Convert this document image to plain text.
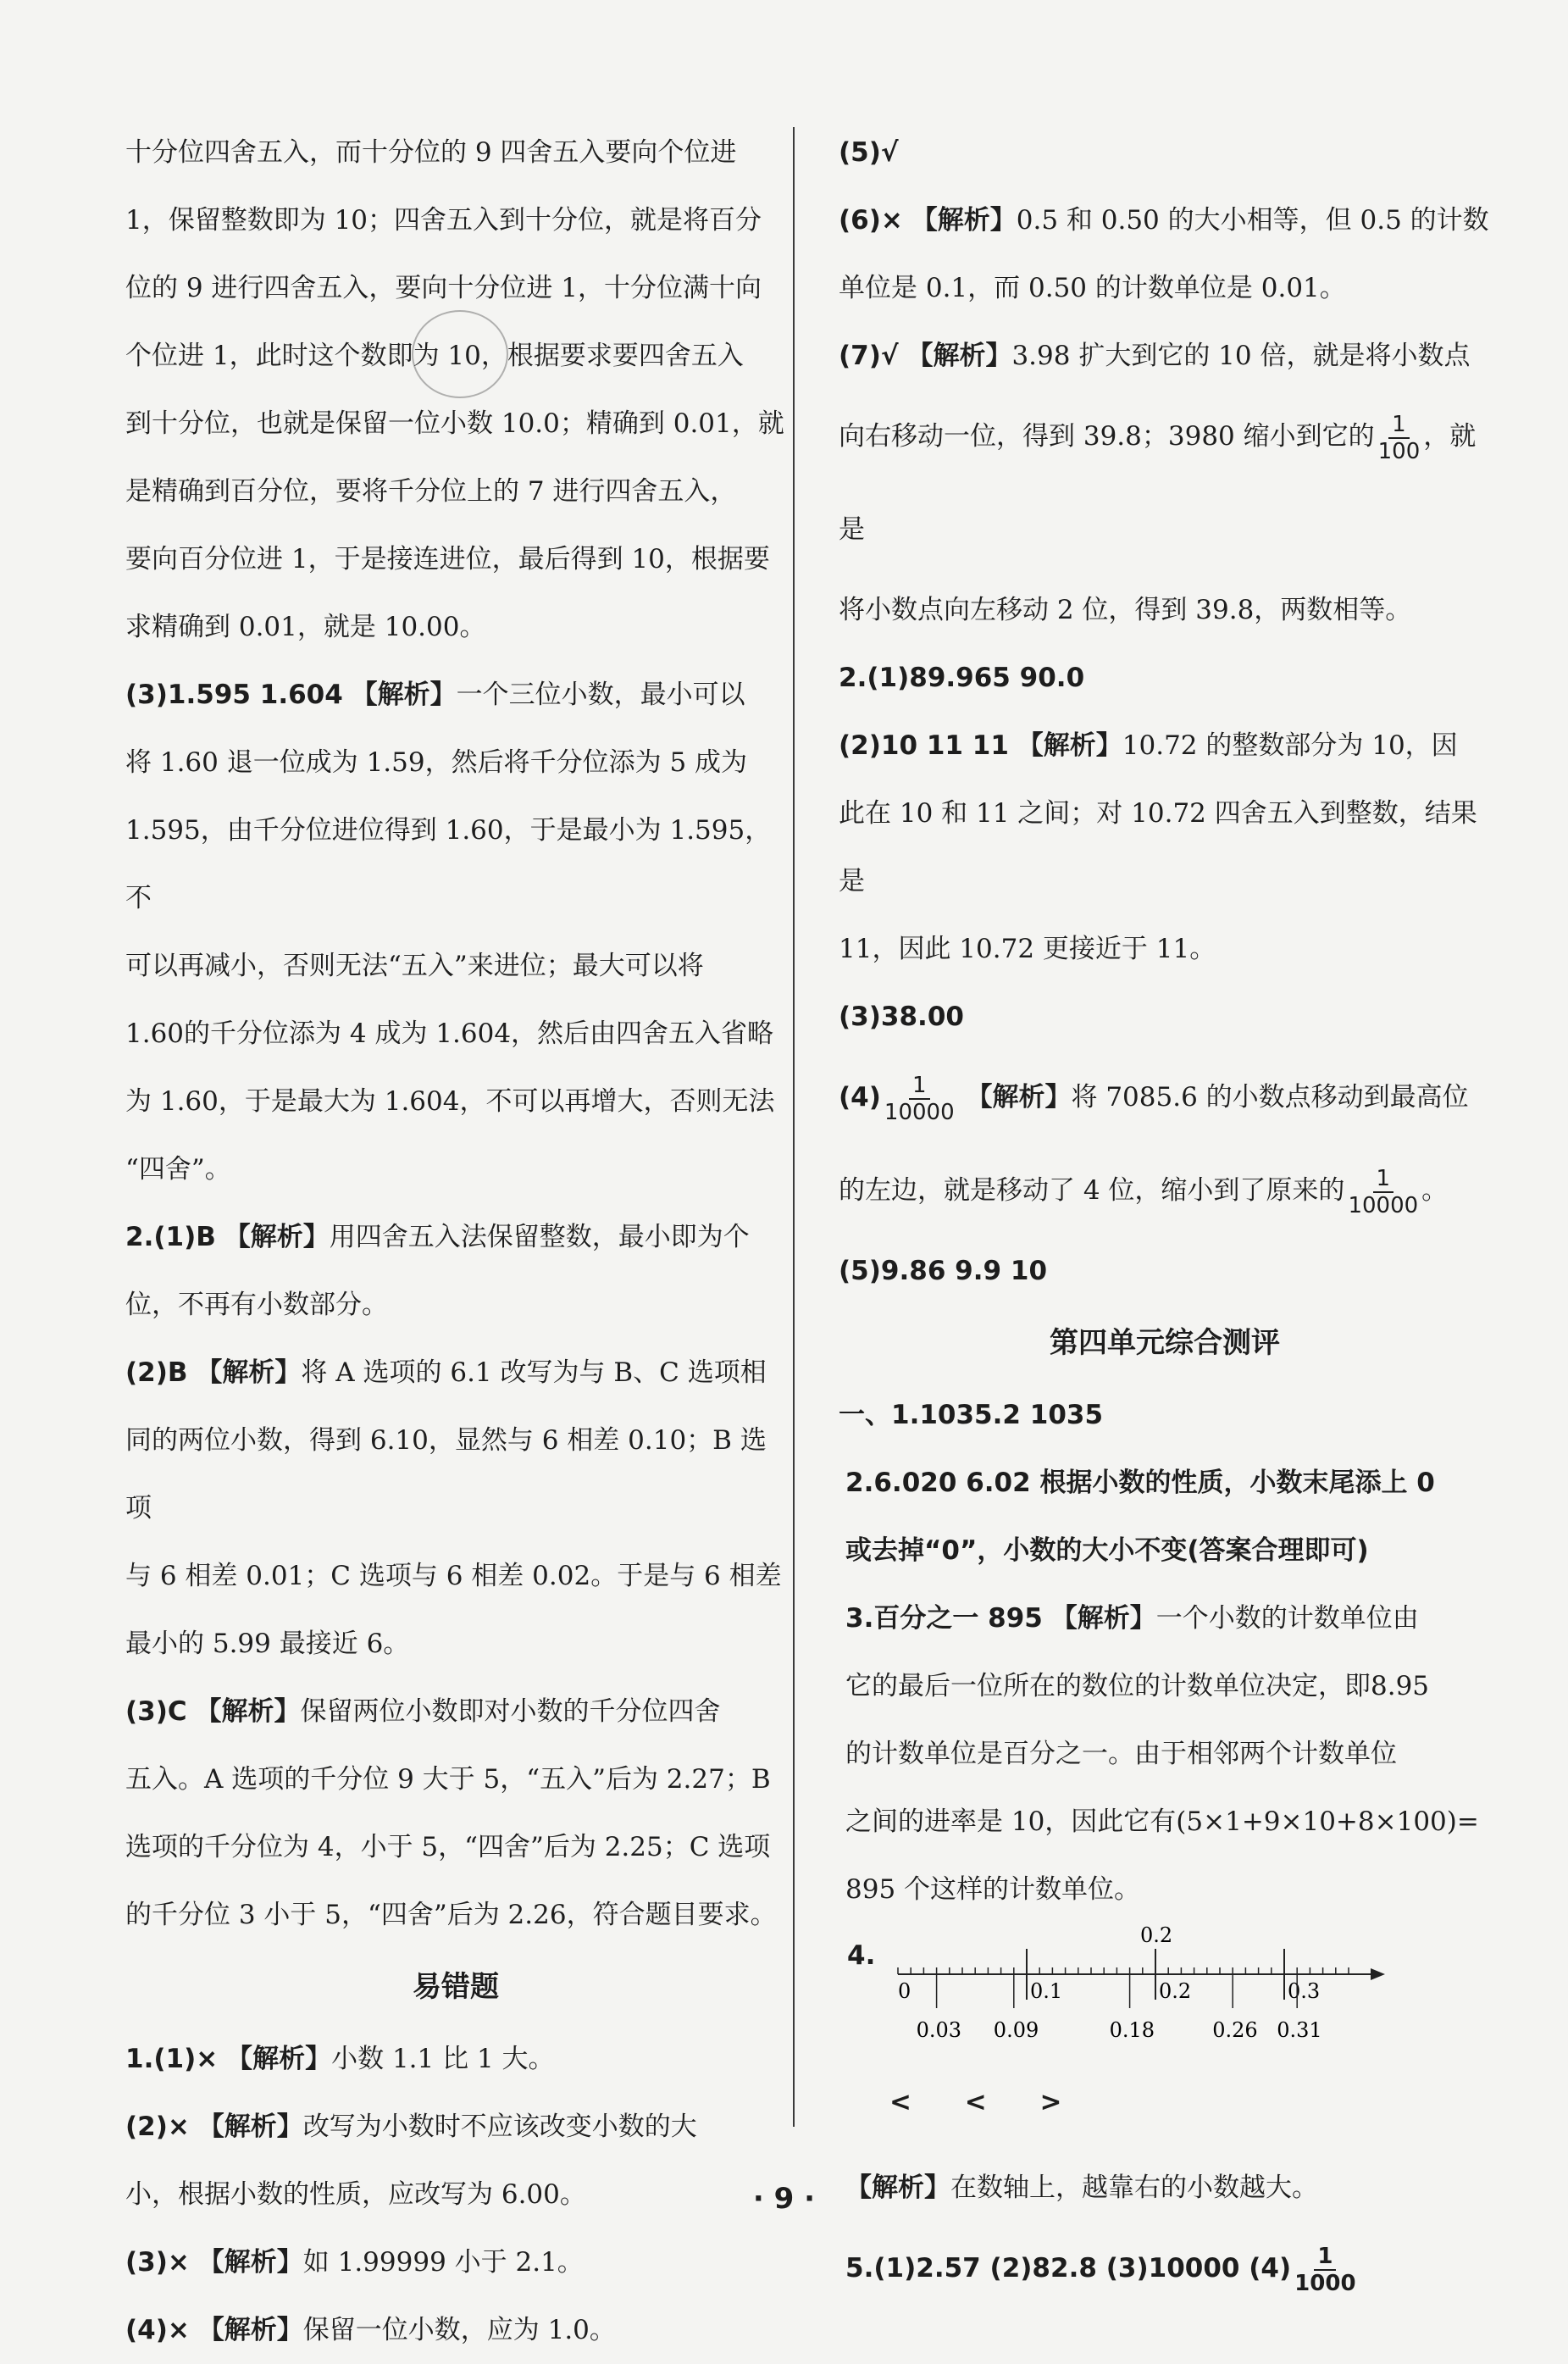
十分位四舍五入，而十分位的 9 四舍五入要向个位进

1，保留整数即为 10；四舍五入到十分位，就是将百分

位的 9 进行四舍五入，要向十分位进 1，十分位满十向

个位进 1，此时这个数即为 10，根据要求要四舍五入

到十分位，也就是保留一位小数 10.0；精确到 0.01，就

是精确到百分位，要将千分位上的 7 进行四舍五入，

要向百分位进 1，于是接连进位，最后得到 10，根据要

求精确到 0.01，就是 10.00。

(3)1.595 1.604 【解析】一个三位小数，最小可以

将 1.60 退一位成为 1.59，然后将千分位添为 5 成为

1.595，由千分位进位得到 1.60，于是最小为 1.595，不

可以再减小，否则无法“五入”来进位；最大可以将

1.60的千分位添为 4 成为 1.604，然后由四舍五入省略

为 1.60，于是最大为 1.604，不可以再增大，否则无法

“四舍”。

2.(1)B 【解析】用四舍五入法保留整数，最小即为个

位，不再有小数部分。

(2)B 【解析】将 A 选项的 6.1 改写为与 B、C 选项相

同的两位小数，得到 6.10，显然与 6 相差 0.10；B 选项

与 6 相差 0.01；C 选项与 6 相差 0.02。于是与 6 相差

最小的 5.99 最接近 6。

(3)C 【解析】保留两位小数即对小数的千分位四舍

五入。A 选项的千分位 9 大于 5，“五入”后为 2.27；B

选项的千分位为 4，小于 5，“四舍”后为 2.25；C 选项

的千分位 3 小于 5，“四舍”后为 2.26，符合题目要求。

易错题

1.(1)× 【解析】小数 1.1 比 1 大。

(2)× 【解析】改写为小数时不应该改变小数的大

小，根据小数的性质，应改写为 6.00。

(3)× 【解析】如 1.99999 小于 2.1。

(4)× 【解析】保留一位小数，应为 1.0。

(5)√

(6)× 【解析】0.5 和 0.50 的大小相等，但 0.5 的计数

单位是 0.1，而 0.50 的计数单位是 0.01。

(7)√ 【解析】3.98 扩大到它的 10 倍，就是将小数点

向右移动一位，得到 39.8；3980 缩小到它的 $\frac{1}{100}$ ，就是

将小数点向左移动 2 位，得到 39.8，两数相等。

2.(1)89.965 90.0

(2)10 11 11 【解析】10.72 的整数部分为 10，因

此在 10 和 11 之间；对 10.72 四舍五入到整数，结果是

11，因此 10.72 更接近于 11。

(3)38.00

$(4) \frac{1}{10000}$ 【解析】将 7085.6 的小数点移动到最高位

的左边，就是移动了 4 位，缩小到了原来的 $\frac{1}{10000}$ 。

(5)9.86 9.9 10

第四单元综合测评

一、1.1035.2 1035

2.6.020 6.02 根据小数的性质，小数末尾添上 0

或去掉“0”，小数的大小不变(答案合理即可)

3.百分之一 895 【解析】一个小数的计数单位由

它的最后一位所在的数位的计数单位决定，即8.95

的计数单位是百分之一。由于相邻两个计数单位

之间的进率是 10，因此它有(5×1+9×10+8×100)=

895 个这样的计数单位。

4.
0	0.1	0.2	0.3
0.03 0.09	0.18	0.26 0.31
0.2

< < >

【解析】在数轴上，越靠右的小数越大。

5.(1)2.57 (2)82.8 (3)10000 $(4) \frac{1}{1000}$

· 9 ·
